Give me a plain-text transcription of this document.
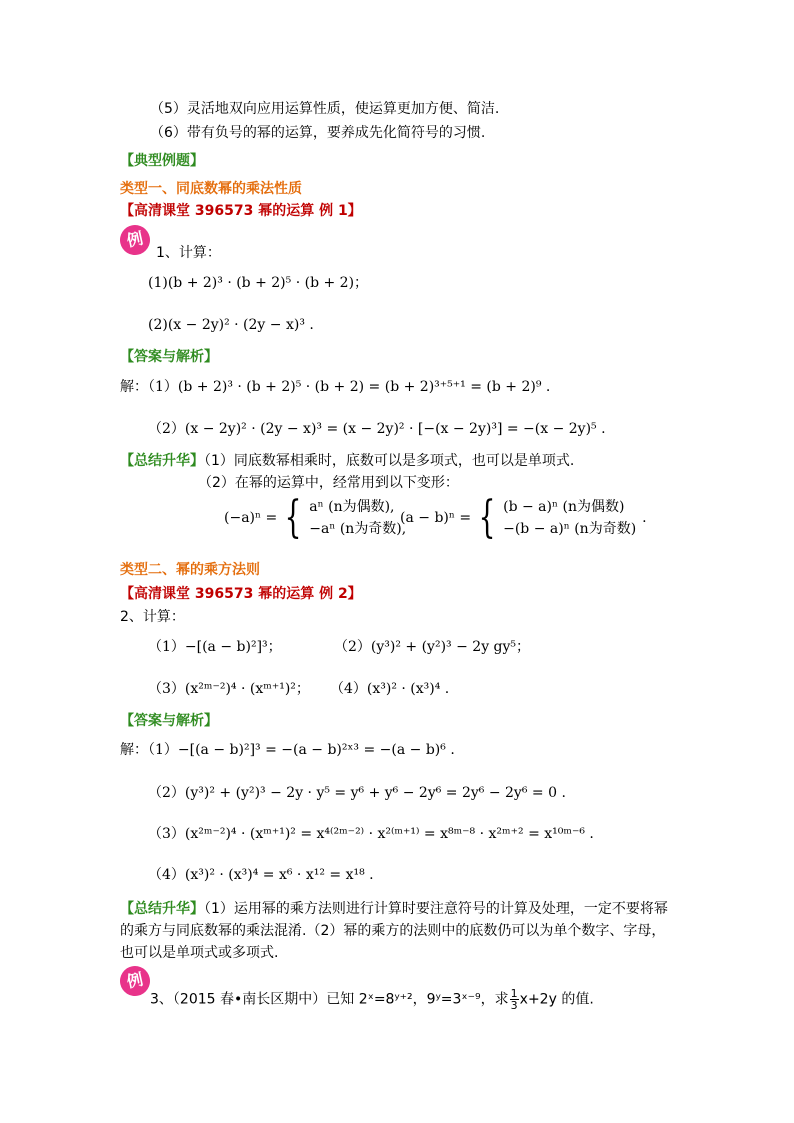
（5）灵活地双向应用运算性质，使运算更加方便、简洁.
（6）带有负号的幂的运算，要养成先化简符号的习惯.
【典型例题】
类型一、同底数幂的乘法性质
【高清课堂 396573 幂的运算 例 1】
例
1、计算：
(1)(b + 2)³ · (b + 2)⁵ · (b + 2)；
(2)(x − 2y)² · (2y − x)³ .
【答案与解析】
解：（1）(b + 2)³ · (b + 2)⁵ · (b + 2) = (b + 2)³⁺⁵⁺¹ = (b + 2)⁹ .
（2）(x − 2y)² · (2y − x)³ = (x − 2y)² · [−(x − 2y)³] = −(x − 2y)⁵ .
【总结升华】（1）同底数幂相乘时，底数可以是多项式，也可以是单项式.
（2）在幂的运算中，经常用到以下变形：
(−a)ⁿ = { aⁿ (n为偶数),
−aⁿ (n为奇数),
(a − b)ⁿ = { (b − a)ⁿ (n为偶数)
−(b − a)ⁿ (n为奇数)
.
类型二、幂的乘方法则
【高清课堂 396573 幂的运算 例 2】
2、计算：
（1）−[(a − b)²]³；	（2）(y³)² + (y²)³ − 2y gy⁵；
（3）(x²ᵐ⁻²)⁴ · (xᵐ⁺¹)²； （4）(x³)² · (x³)⁴ .
【答案与解析】
解：（1）−[(a − b)²]³ = −(a − b)²ˣ³ = −(a − b)⁶ .
（2）(y³)² + (y²)³ − 2y · y⁵ = y⁶ + y⁶ − 2y⁶ = 2y⁶ − 2y⁶ = 0 .
（3）(x²ᵐ⁻²)⁴ · (xᵐ⁺¹)² = x⁴⁽²ᵐ⁻²⁾ · x²⁽ᵐ⁺¹⁾ = x⁸ᵐ⁻⁸ · x²ᵐ⁺² = x¹⁰ᵐ⁻⁶ .
（4）(x³)² · (x³)⁴ = x⁶ · x¹² = x¹⁸ .
【总结升华】（1）运用幂的乘方法则进行计算时要注意符号的计算及处理，一定不要将幂
的乘方与同底数幂的乘法混淆.（2）幂的乘方的法则中的底数仍可以为单个数字、字母，
也可以是单项式或多项式.
例
3、（2015 春•南长区期中）已知 2ˣ=8ʸ⁺²，9ʸ=3ˣ⁻⁹，求 $\frac{1}{3} x+2y$ 的值.
